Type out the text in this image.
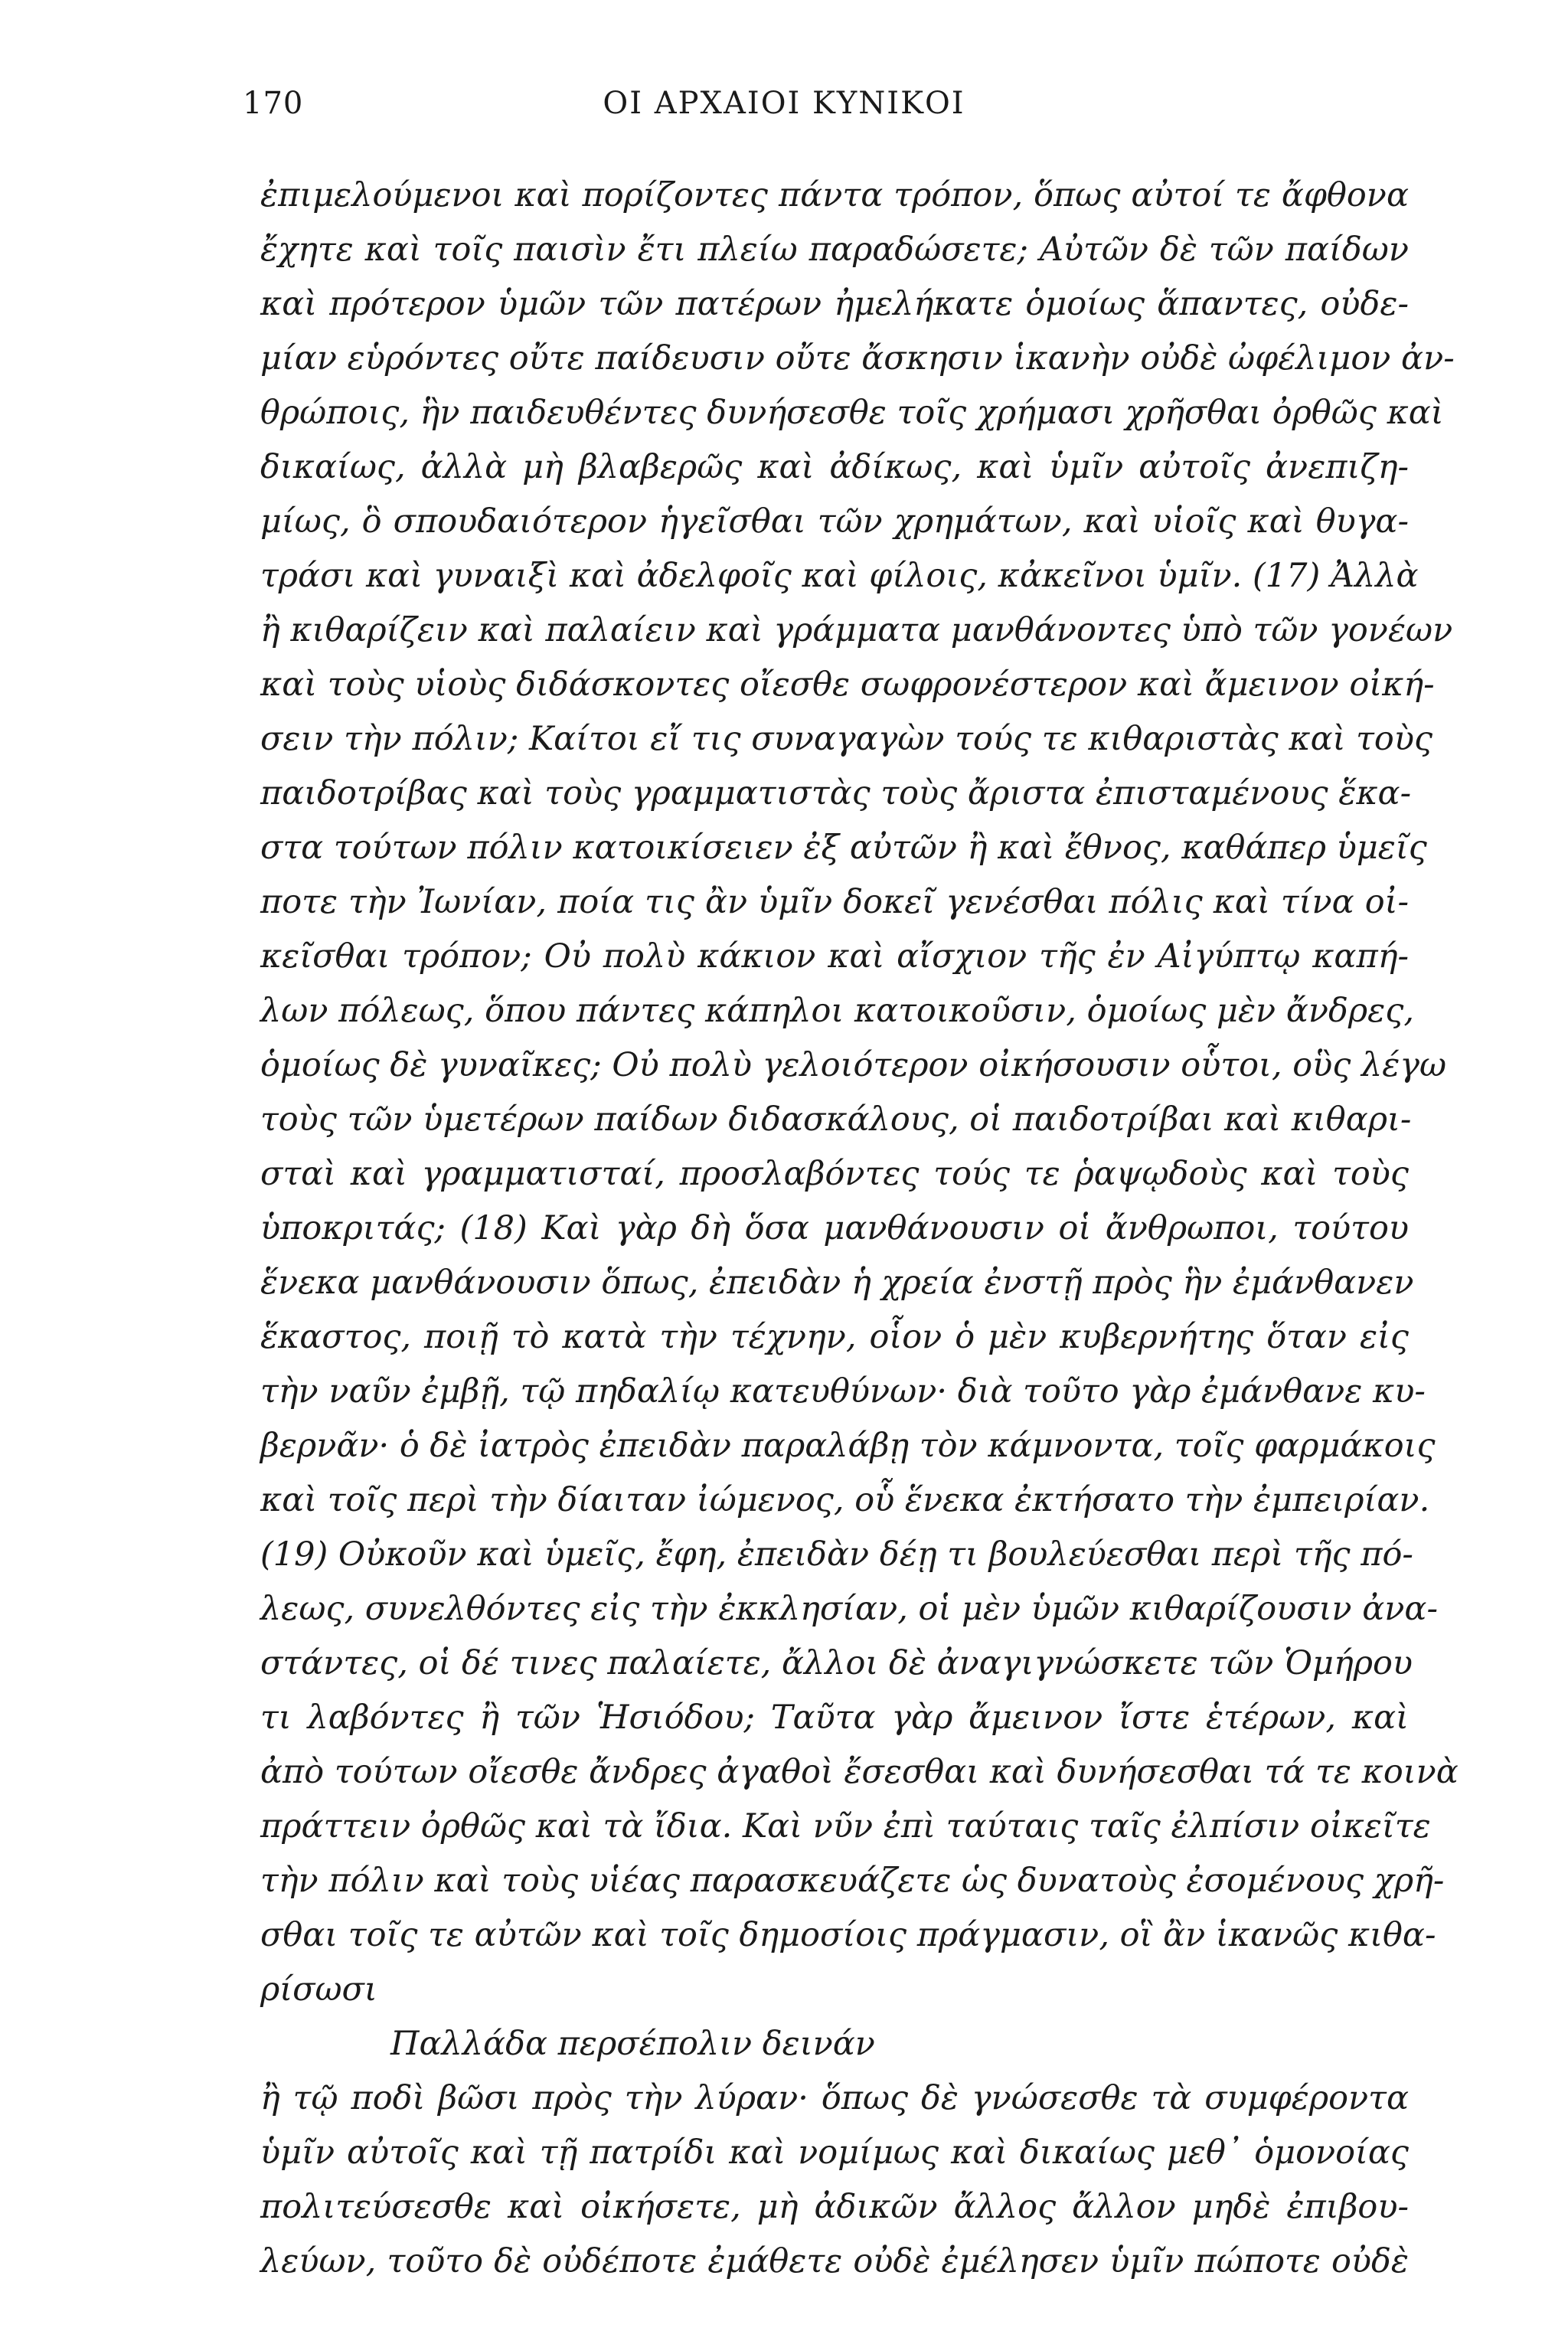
170	ΟΙ ΑΡΧΑΙΟΙ ΚΥΝΙΚΟΙ
ἐπιμελούμενοι καὶ πορίζοντες πάντα τρόπον, ὅπως αὐτοί τε ἄφθονα
ἔχητε καὶ τοῖς παισὶν ἔτι πλείω παραδώσετε; Αὐτῶν δὲ τῶν παίδων
καὶ πρότερον ὑμῶν τῶν πατέρων ἠμελήκατε ὁμοίως ἅπαντες, οὐδε-
μίαν εὑρόντες οὔτε παίδευσιν οὔτε ἄσκησιν ἱκανὴν οὐδὲ ὠφέλιμον ἀν-
θρώποις, ἣν παιδευθέντες δυνήσεσθε τοῖς χρήμασι χρῆσθαι ὀρθῶς καὶ
δικαίως, ἀλλὰ μὴ βλαβερῶς καὶ ἀδίκως, καὶ ὑμῖν αὐτοῖς ἀνεπιζη-
μίως, ὃ σπουδαιότερον ἡγεῖσθαι τῶν χρημάτων, καὶ υἱοῖς καὶ θυγα-
τράσι καὶ γυναιξὶ καὶ ἀδελφοῖς καὶ φίλοις, κἀκεῖνοι ὑμῖν. (17) Ἀλλὰ
ἢ κιθαρίζειν καὶ παλαίειν καὶ γράμματα μανθάνοντες ὑπὸ τῶν γονέων
καὶ τοὺς υἱοὺς διδάσκοντες οἴεσθε σωφρονέστερον καὶ ἄμεινον οἰκή-
σειν τὴν πόλιν; Καίτοι εἴ τις συναγαγὼν τούς τε κιθαριστὰς καὶ τοὺς
παιδοτρίβας καὶ τοὺς γραμματιστὰς τοὺς ἄριστα ἐπισταμένους ἕκα-
στα τούτων πόλιν κατοικίσειεν ἐξ αὐτῶν ἢ καὶ ἔθνος, καθάπερ ὑμεῖς
ποτε τὴν Ἰωνίαν, ποία τις ἂν ὑμῖν δοκεῖ γενέσθαι πόλις καὶ τίνα οἰ-
κεῖσθαι τρόπον; Οὐ πολὺ κάκιον καὶ αἴσχιον τῆς ἐν Αἰγύπτῳ καπή-
λων πόλεως, ὅπου πάντες κάπηλοι κατοικοῦσιν, ὁμοίως μὲν ἄνδρες,
ὁμοίως δὲ γυναῖκες; Οὐ πολὺ γελοιότερον οἰκήσουσιν οὗτοι, οὓς λέγω
τοὺς τῶν ὑμετέρων παίδων διδασκάλους, οἱ παιδοτρίβαι καὶ κιθαρι-
σταὶ καὶ γραμματισταί, προσλαβόντες τούς τε ῥαψῳδοὺς καὶ τοὺς
ὑποκριτάς; (18) Καὶ γὰρ δὴ ὅσα μανθάνουσιν οἱ ἄνθρωποι, τούτου
ἕνεκα μανθάνουσιν ὅπως, ἐπειδὰν ἡ χρεία ἐνστῇ πρὸς ἣν ἐμάνθανεν
ἕκαστος, ποιῇ τὸ κατὰ τὴν τέχνην, οἷον ὁ μὲν κυβερνήτης ὅταν εἰς
τὴν ναῦν ἐμβῇ, τῷ πηδαλίῳ κατευθύνων· διὰ τοῦτο γὰρ ἐμάνθανε κυ-
βερνᾶν· ὁ δὲ ἰατρὸς ἐπειδὰν παραλάβῃ τὸν κάμνοντα, τοῖς φαρμάκοις
καὶ τοῖς περὶ τὴν δίαιταν ἰώμενος, οὗ ἕνεκα ἐκτήσατο τὴν ἐμπειρίαν.
(19) Οὐκοῦν καὶ ὑμεῖς, ἔφη, ἐπειδὰν δέῃ τι βουλεύεσθαι περὶ τῆς πό-
λεως, συνελθόντες εἰς τὴν ἐκκλησίαν, οἱ μὲν ὑμῶν κιθαρίζουσιν ἀνα-
στάντες, οἱ δέ τινες παλαίετε, ἄλλοι δὲ ἀναγιγνώσκετε τῶν Ὁμήρου
τι λαβόντες ἢ τῶν Ἡσιόδου; Ταῦτα γὰρ ἄμεινον ἴστε ἑτέρων, καὶ
ἀπὸ τούτων οἴεσθε ἄνδρες ἀγαθοὶ ἔσεσθαι καὶ δυνήσεσθαι τά τε κοινὰ
πράττειν ὀρθῶς καὶ τὰ ἴδια. Καὶ νῦν ἐπὶ ταύταις ταῖς ἐλπίσιν οἰκεῖτε
τὴν πόλιν καὶ τοὺς υἱέας παρασκευάζετε ὡς δυνατοὺς ἐσομένους χρῆ-
σθαι τοῖς τε αὐτῶν καὶ τοῖς δημοσίοις πράγμασιν, οἳ ἂν ἱκανῶς κιθα-
ρίσωσι
Παλλάδα περσέπολιν δεινάν
ἢ τῷ ποδὶ βῶσι πρὸς τὴν λύραν· ὅπως δὲ γνώσεσθε τὰ συμφέροντα
ὑμῖν αὐτοῖς καὶ τῇ πατρίδι καὶ νομίμως καὶ δικαίως μεθ᾽ ὁμονοίας
πολιτεύσεσθε καὶ οἰκήσετε, μὴ ἀδικῶν ἄλλος ἄλλον μηδὲ ἐπιβου-
λεύων, τοῦτο δὲ οὐδέποτε ἐμάθετε οὐδὲ ἐμέλησεν ὑμῖν πώποτε οὐδὲ
